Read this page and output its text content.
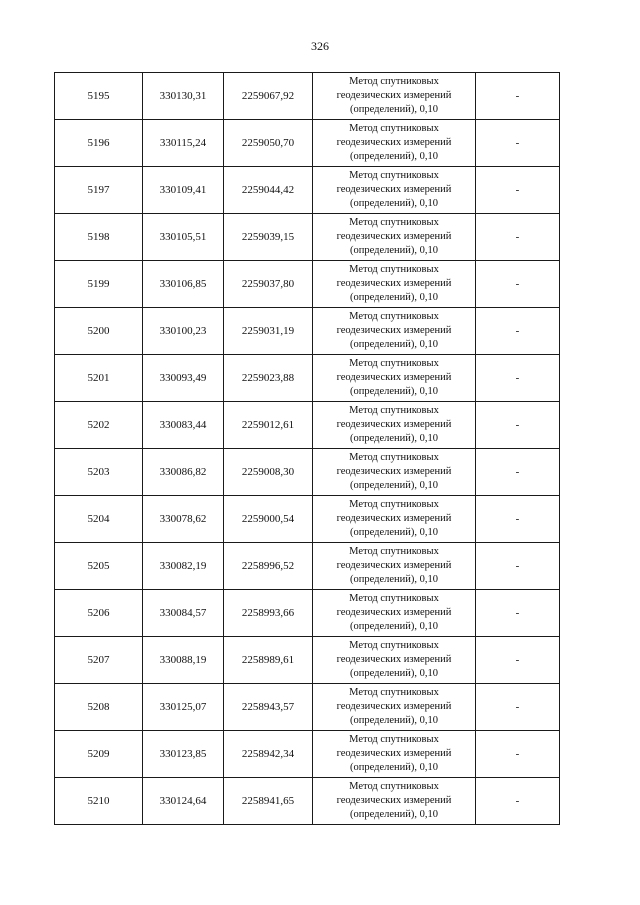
326
5195	330130,31	2259067,92	Метод спутниковых
геодезических измерений
(определений), 0,10	-
5196	330115,24	2259050,70	Метод спутниковых
геодезических измерений
(определений), 0,10	-
5197	330109,41	2259044,42	Метод спутниковых
геодезических измерений
(определений), 0,10	-
5198	330105,51	2259039,15	Метод спутниковых
геодезических измерений
(определений), 0,10	-
5199	330106,85	2259037,80	Метод спутниковых
геодезических измерений
(определений), 0,10	-
5200	330100,23	2259031,19	Метод спутниковых
геодезических измерений
(определений), 0,10	-
5201	330093,49	2259023,88	Метод спутниковых
геодезических измерений
(определений), 0,10	-
5202	330083,44	2259012,61	Метод спутниковых
геодезических измерений
(определений), 0,10	-
5203	330086,82	2259008,30	Метод спутниковых
геодезических измерений
(определений), 0,10	-
5204	330078,62	2259000,54	Метод спутниковых
геодезических измерений
(определений), 0,10	-
5205	330082,19	2258996,52	Метод спутниковых
геодезических измерений
(определений), 0,10	-
5206	330084,57	2258993,66	Метод спутниковых
геодезических измерений
(определений), 0,10	-
5207	330088,19	2258989,61	Метод спутниковых
геодезических измерений
(определений), 0,10	-
5208	330125,07	2258943,57	Метод спутниковых
геодезических измерений
(определений), 0,10	-
5209	330123,85	2258942,34	Метод спутниковых
геодезических измерений
(определений), 0,10	-
5210	330124,64	2258941,65	Метод спутниковых
геодезических измерений
(определений), 0,10	-
